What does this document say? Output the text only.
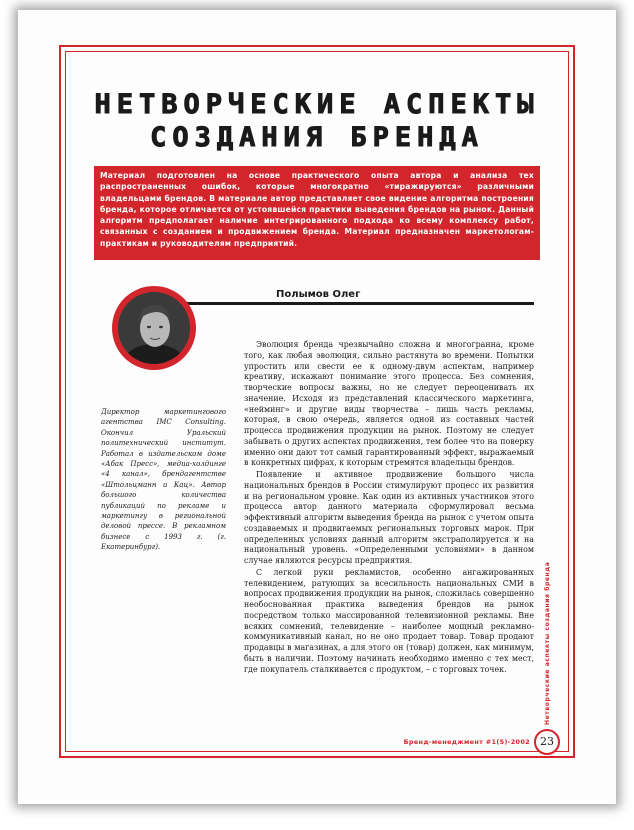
НЕТВОРЧЕСКИЕ АСПЕКТЫ СОЗДАНИЯ БРЕНДА
Материал подготовлен на основе практического опыта автора и анализа тех распространенных ошибок, которые многократно «тиражируются» различными владельцами брендов. В материале автор представляет свое видение алгоритма построения бренда, которое отличается от устоявшейся практики выведения брендов на рынок. Данный алгоритм предполагает наличие интегрированного подхода ко всему комплексу работ, связанных с созданием и продвижением бренда. Материал предназначен маркетологам-практикам и руководителям предприятий.
Полымов Олег

Директор маркетингового агентства IMC Consulting. Окончил Уральский политехнический институт. Работал в издательском доме «Абак Пресс», медиа-холдинге «4 канал», брендагентстве «Штольцманн и Кац». Автор большого количества публикаций по рекламе и маркетингу в региональной деловой прессе. В рекламном бизнесе с 1993 г. (г. Екатеринбург).

Эволюция бренда чрезвычайно сложна и многогранна, кроме того, как любая эволюция, сильно растянута во времени. Попытки упростить или свести ее к одному-двум аспектам, например креативу, искажают понимание этого процесса. Без сомнения, творческие вопросы важны, но не следует переоценивать их значение. Исходя из представлений классического маркетинга, «нейминг» и другие виды творчества – лишь часть рекламы, которая, в свою очередь, является одной из составных частей процесса продвижения продукции на рынок. Поэтому не следует забывать о других аспектах продвижения, тем более что на поверку именно они дают тот самый гарантированный эффект, выражаемый в конкретных цифрах, к которым стремятся владельцы брендов.

Появление и активное продвижение большого числа национальных брендов в России стимулируют процесс их развития и на региональном уровне. Как один из активных участников этого процесса автор данного материала сформулировал весьма эффективный алгоритм выведения бренда на рынок с учетом опыта создаваемых и продвигаемых региональных торговых марок. При определенных условиях данный алгоритм экстраполируется и на национальный уровень. «Определенными условиями» в данном случае являются ресурсы предприятия.

С легкой руки рекламистов, особенно ангажированных телевидением, ратующих за всесильность национальных СМИ в вопросах продвижения продукции на рынок, сложилась совершенно необоснованная практика выведения брендов на рынок посредством только массированной телевизионной рекламы. Вне всяких сомнений, телевидение – наиболее мощный рекламно-коммуникативный канал, но не оно продает товар. Товар продают продавцы в магазинах, а для этого он (товар) должен, как минимум, быть в наличии. Поэтому начинать необходимо именно с тех мест, где покупатель сталкивается с продуктом, – с торговых точек.	Нетворческие аспекты создания бренда
Бренд-менеджмент #1(5)-2002 23
